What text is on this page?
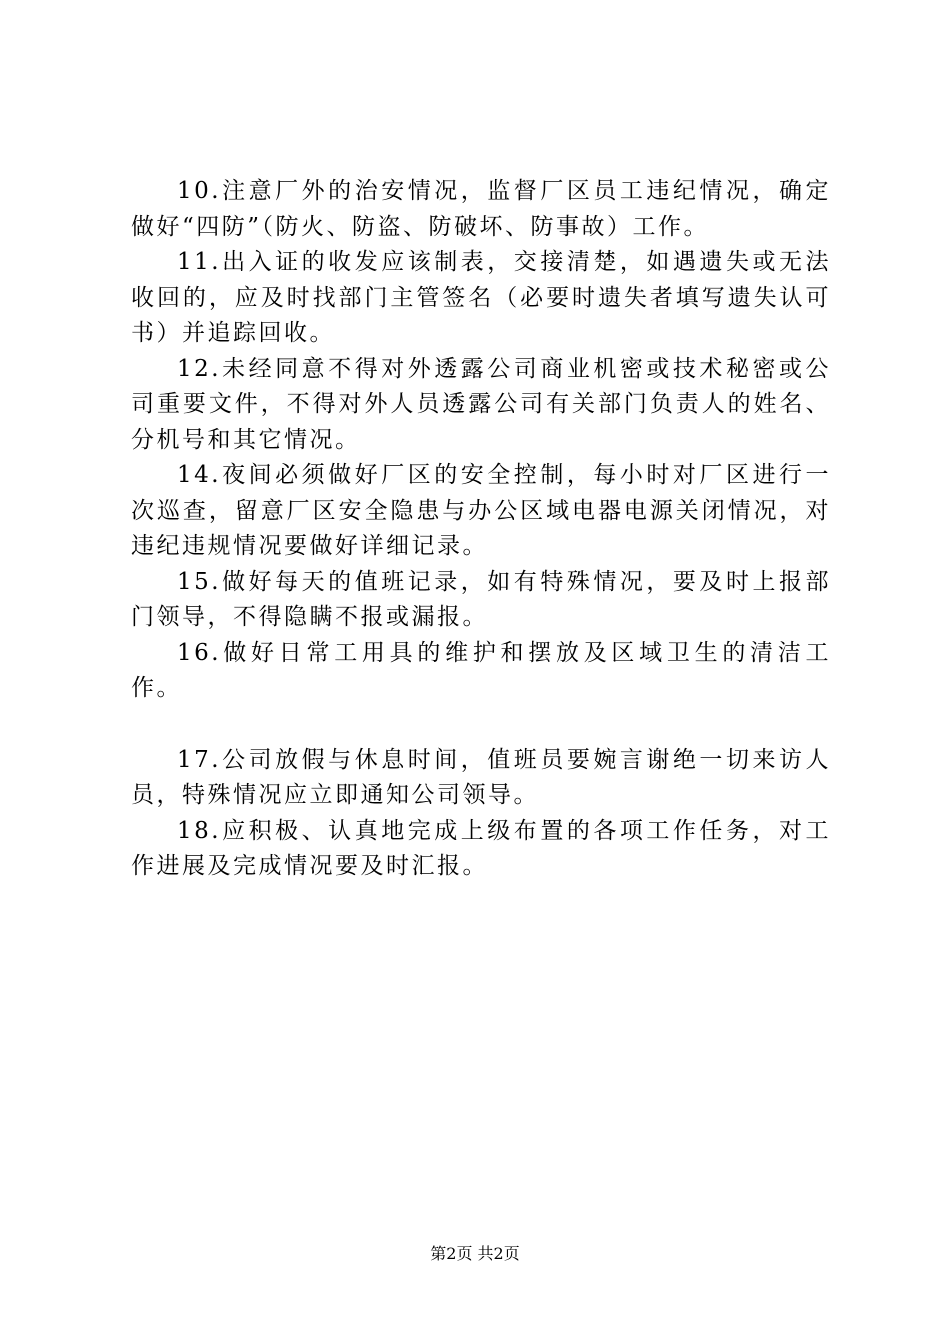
10.注意厂外的治安情况，监督厂区员工违纪情况，确定做好“四防”（防火、防盗、防破坏、防事故）工作。

11.出入证的收发应该制表，交接清楚，如遇遗失或无法收回的，应及时找部门主管签名（必要时遗失者填写遗失认可书）并追踪回收。

12.未经同意不得对外透露公司商业机密或技术秘密或公司重要文件，不得对外人员透露公司有关部门负责人的姓名、分机号和其它情况。

14.夜间必须做好厂区的安全控制，每小时对厂区进行一次巡查，留意厂区安全隐患与办公区域电器电源关闭情况，对违纪违规情况要做好详细记录。

15.做好每天的值班记录，如有特殊情况，要及时上报部门领导，不得隐瞒不报或漏报。

16.做好日常工用具的维护和摆放及区域卫生的清洁工作。

17.公司放假与休息时间，值班员要婉言谢绝一切来访人员，特殊情况应立即通知公司领导。

18.应积极、认真地完成上级布置的各项工作任务，对工作进展及完成情况要及时汇报。

第2页 共2页
